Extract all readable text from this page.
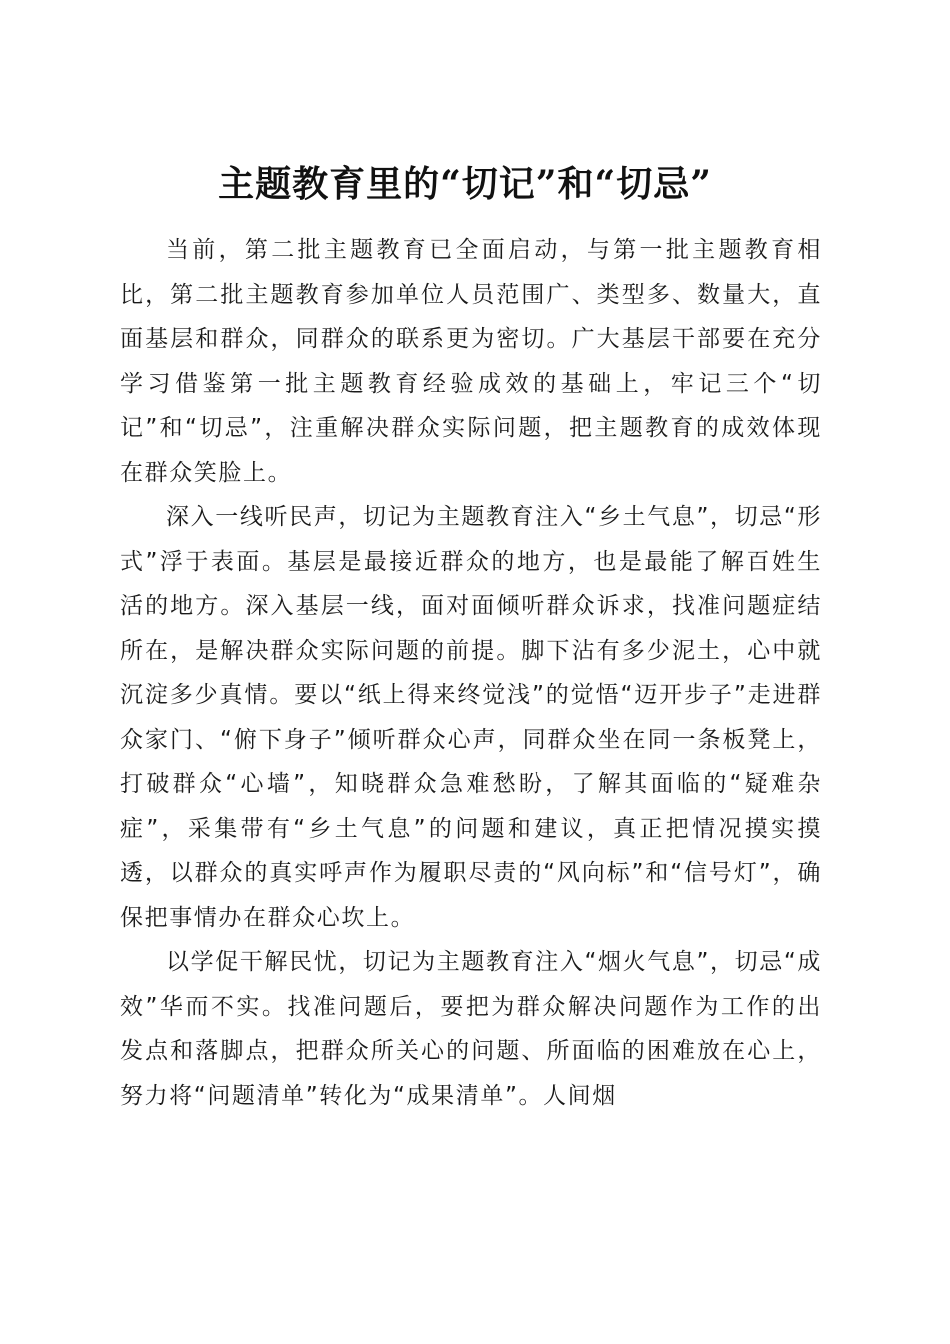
主题教育里的“切记”和“切忌”

当前，第二批主题教育已全面启动，与第一批主题教育相比，第二批主题教育参加单位人员范围广、类型多、数量大，直面基层和群众，同群众的联系更为密切。广大基层干部要在充分学习借鉴第一批主题教育经验成效的基础上，牢记三个“切记”和“切忌”，注重解决群众实际问题，把主题教育的成效体现在群众笑脸上。

深入一线听民声，切记为主题教育注入“乡土气息”，切忌“形式”浮于表面。基层是最接近群众的地方，也是最能了解百姓生活的地方。深入基层一线，面对面倾听群众诉求，找准问题症结所在，是解决群众实际问题的前提。脚下沾有多少泥土，心中就沉淀多少真情。要以“纸上得来终觉浅”的觉悟“迈开步子”走进群众家门、“俯下身子”倾听群众心声，同群众坐在同一条板凳上，打破群众“心墙”，知晓群众急难愁盼，了解其面临的“疑难杂症”，采集带有“乡土气息”的问题和建议，真正把情况摸实摸透，以群众的真实呼声作为履职尽责的“风向标”和“信号灯”，确保把事情办在群众心坎上。

以学促干解民忧，切记为主题教育注入“烟火气息”，切忌“成效”华而不实。找准问题后，要把为群众解决问题作为工作的出发点和落脚点，把群众所关心的问题、所面临的困难放在心上，努力将“问题清单”转化为“成果清单”。人间烟
